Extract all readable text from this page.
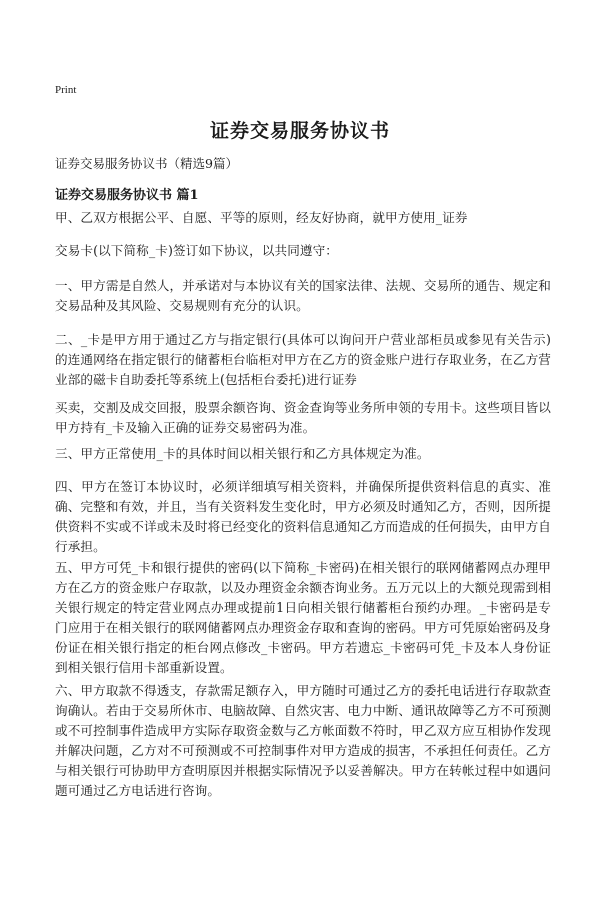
Print
证券交易服务协议书
证券交易服务协议书（精选9篇）
证券交易服务协议书 篇1

甲、乙双方根据公平、自愿、平等的原则，经友好协商，就甲方使用_证券

交易卡(以下简称_卡)签订如下协议，以共同遵守：

一、甲方需是自然人，并承诺对与本协议有关的国家法律、法规、交易所的通告、规定和交易品种及其风险、交易规则有充分的认识。

二、_卡是甲方用于通过乙方与指定银行(具体可以询问开户营业部柜员或参见有关告示)的连通网络在指定银行的储蓄柜台临柜对甲方在乙方的资金账户进行存取业务，在乙方营业部的磁卡自助委托等系统上(包括柜台委托)进行证券

买卖，交割及成交回报，股票余额咨询、资金查询等业务所申领的专用卡。这些项目皆以甲方持有_卡及输入正确的证券交易密码为准。

三、甲方正常使用_卡的具体时间以相关银行和乙方具体规定为准。

四、甲方在签订本协议时，必须详细填写相关资料，并确保所提供资料信息的真实、准确、完整和有效，并且，当有关资料发生变化时，甲方必须及时通知乙方，否则，因所提供资料不实或不详或未及时将已经变化的资料信息通知乙方而造成的任何损失，由甲方自行承担。

五、甲方可凭_卡和银行提供的密码(以下简称_卡密码)在相关银行的联网储蓄网点办理甲方在乙方的资金账户存取款，以及办理资金余额杏询业务。五万元以上的大额兑现需到相关银行规定的特定营业网点办理或提前1日向相关银行储蓄柜台预约办理。_卡密码是专门应用于在相关银行的联网储蓄网点办理资金存取和查询的密码。甲方可凭原始密码及身份证在相关银行指定的柜台网点修改_卡密码。甲方若遗忘_卡密码可凭_卡及本人身份证到相关银行信用卡部重新设置。

六、甲方取款不得透支，存款需足额存入，甲方随时可通过乙方的委托电话进行存取款查询确认。若由于交易所休市、电脑故障、自然灾害、电力中断、通讯故障等乙方不可预测或不可控制事件造成甲方实际存取资金数与乙方帐面数不符时，甲乙双方应互相协作发现并解决问题，乙方对不可预测或不可控制事件对甲方造成的损害，不承担任何责任。乙方与相关银行可协助甲方查明原因并根据实际情况予以妥善解决。甲方在转帐过程中如遇问题可通过乙方电话进行咨询。
